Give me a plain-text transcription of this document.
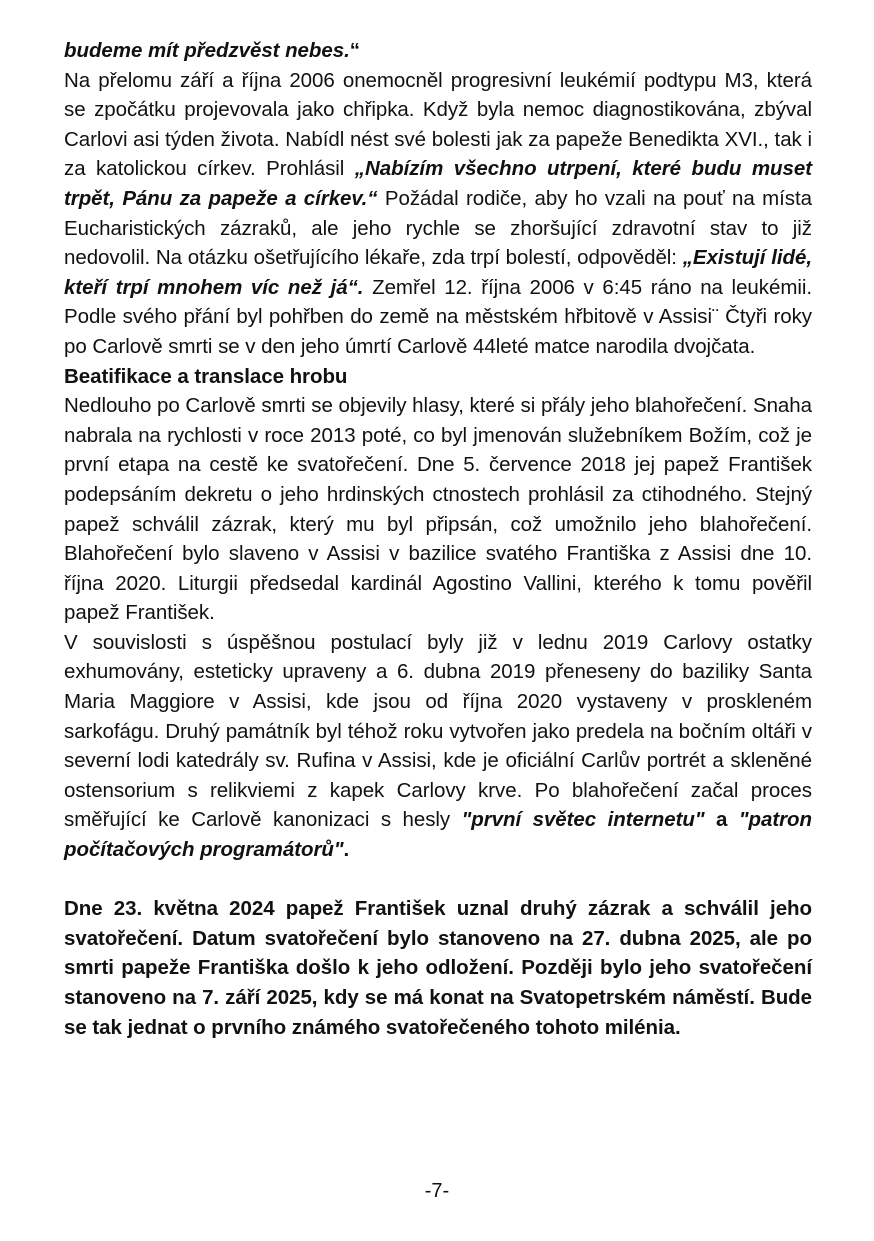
budeme mít předzvěst nebes.“
Na přelomu září a října 2006 onemocněl progresivní leukémií podtypu M3, která se zpočátku projevovala jako chřipka. Když byla nemoc diagnostikována, zbýval Carlovi asi týden života. Nabídl nést své bolesti jak za papeže Benedikta XVI., tak i za katolickou církev. Prohlásil „Nabízím všechno utrpení, které budu muset trpět, Pánu za papeže a církev.“ Požádal rodiče, aby ho vzali na pouť na místa Eucharistických zázraků, ale jeho rychle se zhoršující zdravotní stav to již nedovolil. Na otázku ošetřujícího lékaře, zda trpí bolestí, odpověděl: „Existují lidé, kteří trpí mnohem víc než já“. Zemřel 12. října 2006 v 6:45 ráno na leukémii. Podle svého přání byl pohřben do země na městském hřbitově v Assisi¨ Čtyři roky po Carlově smrti se v den jeho úmrtí Carlově 44leté matce narodila dvojčata.

Beatifikace a translace hrobu

Nedlouho po Carlově smrti se objevily hlasy, které si přály jeho blahořečení. Snaha nabrala na rychlosti v roce 2013 poté, co byl jmenován služebníkem Božím, což je první etapa na cestě ke svatořečení. Dne 5. července 2018 jej papež František podepsáním dekretu o jeho hrdinských ctnostech prohlásil za ctihodného. Stejný papež schválil zázrak, který mu byl připsán, což umožnilo jeho blahořečení. Blahořečení bylo slaveno v Assisi v bazilice svatého Františka z Assisi dne 10. října 2020. Liturgii předsedal kardinál Agostino Vallini, kterého k tomu pověřil papež František.

V souvislosti s úspěšnou postulací byly již v lednu 2019 Carlovy ostatky exhumovány, esteticky upraveny a 6. dubna 2019 přeneseny do baziliky Santa Maria Maggiore v Assisi, kde jsou od října 2020 vystaveny v proskleném sarkofágu. Druhý památník byl téhož roku vytvořen jako predela na bočním oltáři v severní lodi katedrály sv. Rufina v Assisi, kde je oficiální Carlův portrét a skleněné ostensorium s relikviemi z kapek Carlovy krve. Po blahořečení začal proces směřující ke Carlově kanonizaci s hesly "první světec internetu" a "patron počítačových programátorů".

Dne 23. května 2024 papež František uznal druhý zázrak a schválil jeho svatořečení. Datum svatořečení bylo stanoveno na 27. dubna 2025, ale po smrti papeže Františka došlo k jeho odložení. Později bylo jeho svatořečení stanoveno na 7. září 2025, kdy se má konat na Svatopetrském náměstí. Bude se tak jednat o prvního známého svatořečeného tohoto milénia.

-7-
